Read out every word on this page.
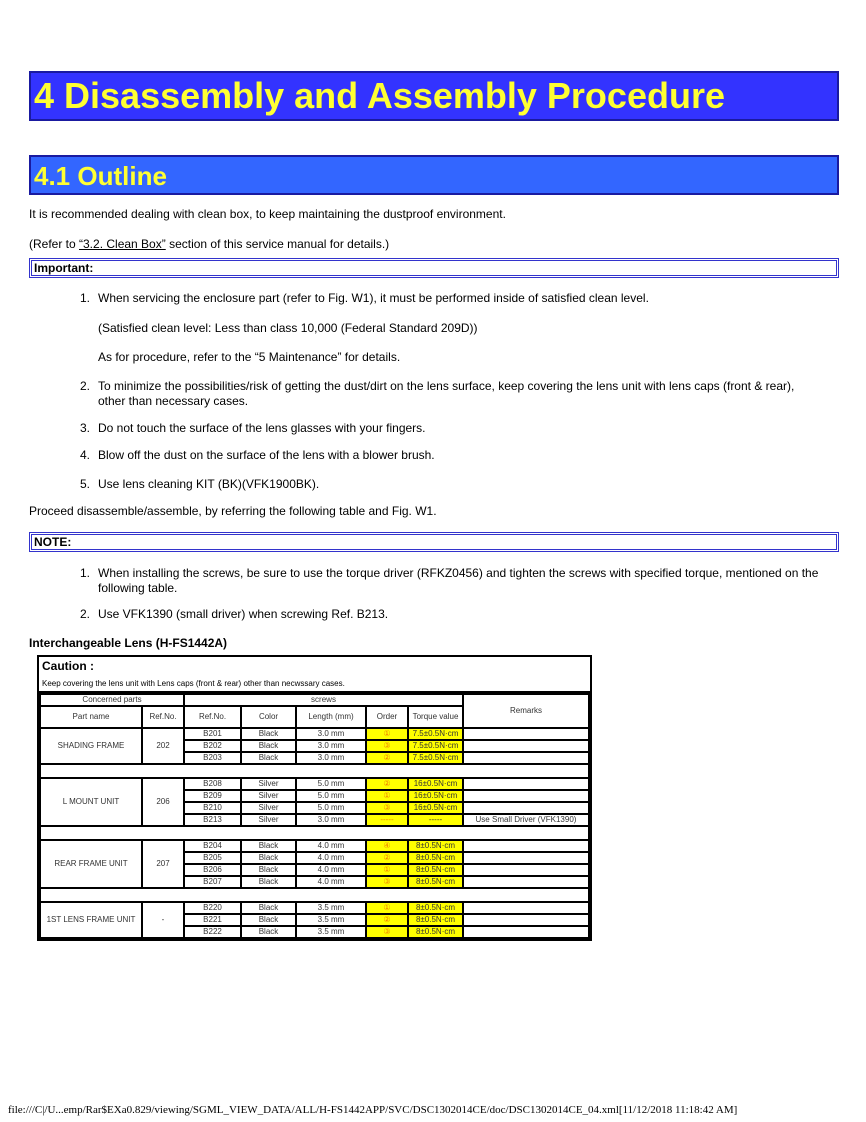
4 Disassembly and Assembly Procedure
4.1 Outline
It is recommended dealing with clean box, to keep maintaining the dustproof environment.
(Refer to “3.2. Clean Box” section of this service manual for details.)
Important:
1. When servicing the enclosure part (refer to Fig. W1), it must be performed inside of satisfied clean level.
2. To minimize the possibilities/risk of getting the dust/dirt on the lens surface, keep covering the lens unit with lens caps (front & rear), other than necessary cases.
3. Do not touch the surface of the lens glasses with your fingers.
4. Blow off the dust on the surface of the lens with a blower brush.
5. Use lens cleaning KIT (BK)(VFK1900BK).
(Satisfied clean level: Less than class 10,000 (Federal Standard 209D))
As for procedure, refer to the “5 Maintenance” for details.
Proceed disassemble/assemble, by referring the following table and Fig. W1.
NOTE:
1. When installing the screws, be sure to use the torque driver (RFKZ0456) and tighten the screws with specified torque, mentioned on the following table.
2. Use VFK1390 (small driver) when screwing Ref. B213.
Interchangeable Lens (H-FS1442A)
Caution :
Keep covering the lens unit with Lens caps (front & rear) other than necwssary cases.
Concerned parts		screws					Remarks
Part name	Ref.No.	Ref.No.	Color	Length (mm)	Order	Torque value	
SHADING FRAME	202	B201	Black	3.0 mm	①	7.5±0.5N·cm	
		B202	Black	3.0 mm	③	7.5±0.5N·cm	
		B203	Black	3.0 mm	②	7.5±0.5N·cm	

L MOUNT UNIT	206	B208	Silver	5.0 mm	②	16±0.5N·cm	
		B209	Silver	5.0 mm	①	16±0.5N·cm	
		B210	Silver	5.0 mm	③	16±0.5N·cm	
		B213	Silver	3.0 mm	-----	-----	Use Small Driver (VFK1390)

REAR FRAME UNIT	207	B204	Black	4.0 mm	④	8±0.5N·cm	
		B205	Black	4.0 mm	②	8±0.5N·cm	
		B206	Black	4.0 mm	①	8±0.5N·cm	
		B207	Black	4.0 mm	③	8±0.5N·cm	

1ST LENS FRAME UNIT	-	B220	Black	3.5 mm	①	8±0.5N·cm	
		B221	Black	3.5 mm	②	8±0.5N·cm	
		B222	Black	3.5 mm	③	8±0.5N·cm	
file:///C|/U...emp/Rar$EXa0.829/viewing/SGML_VIEW_DATA/ALL/H-FS1442APP/SVC/DSC1302014CE/doc/DSC1302014CE_04.xml[11/12/2018 11:18:42 AM]
